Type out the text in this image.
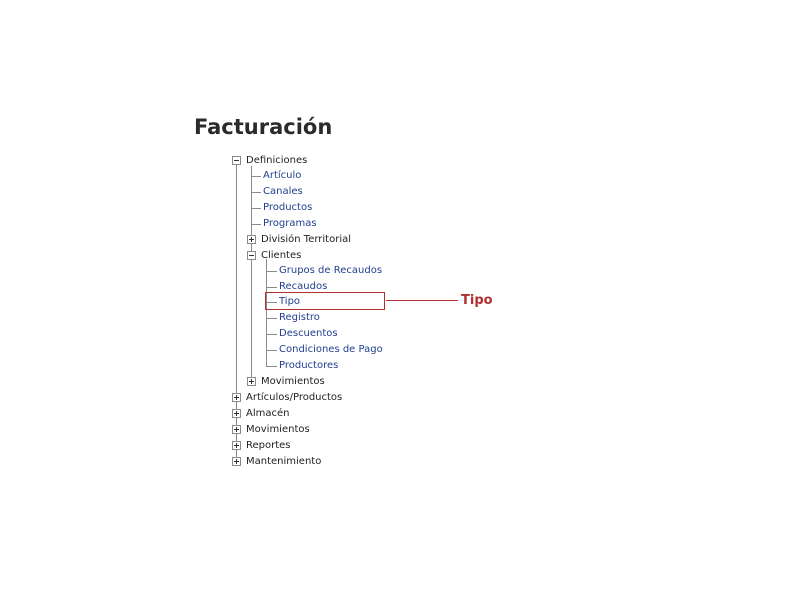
Facturación
Definiciones
Artículo
Canales
Productos
Programas
División Territorial
Clientes
Grupos de Recaudos
Recaudos
Tipo
Registro
Descuentos
Condiciones de Pago
Productores
Movimientos
Artículos/Productos
Almacén
Movimientos
Reportes
Mantenimiento
Tipo
